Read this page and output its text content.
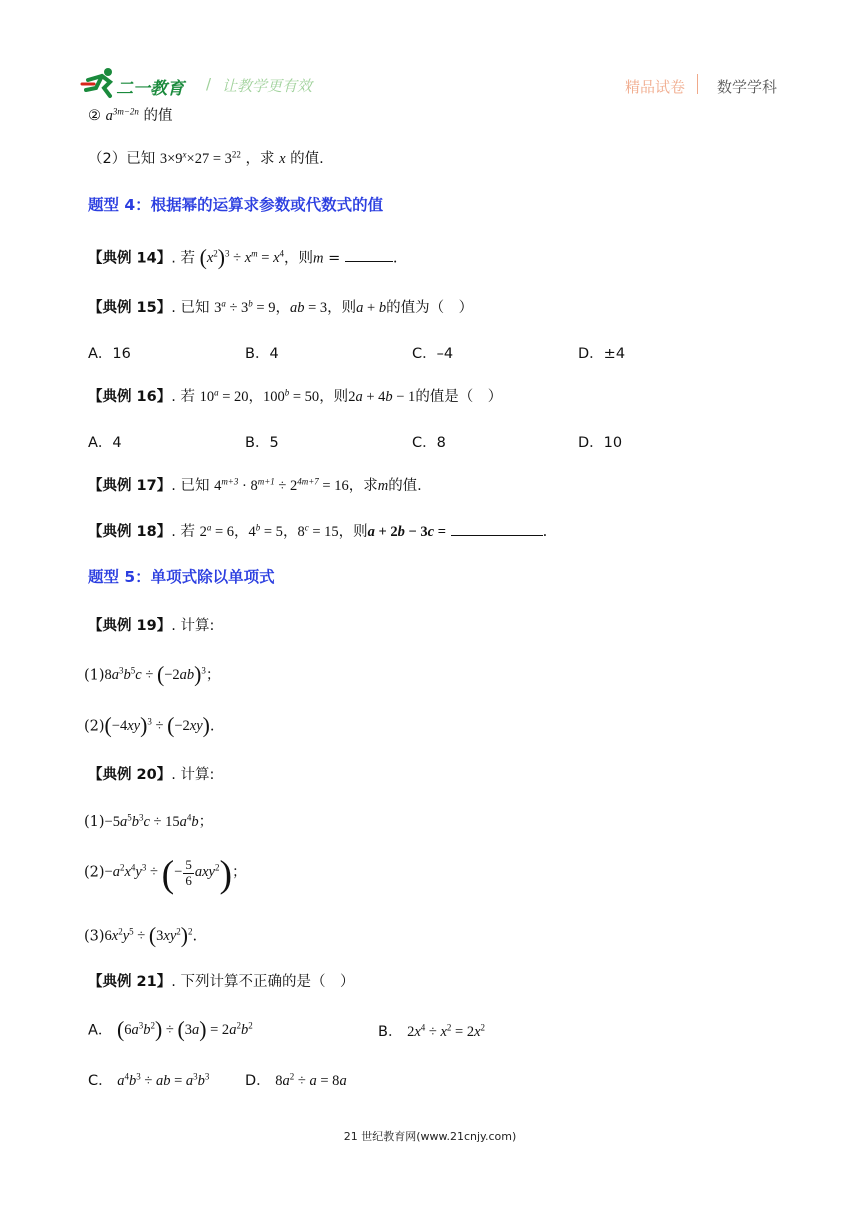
二一教育 / 让教学更有效	精品试卷 数学学科
② $a^{3m-2n}$ 的值
（2）已知 $3\times 9^x\times 27 = 3^{22}$ ，求 x 的值.
题型 4：根据幂的运算求参数或代数式的值
【典例 14】. 若 $(x^2)^3 \div x^m = x^4$，则m =	.
【典例 15】. 已知 $3^a \div 3^b = 9$，ab = 3，则a + b的值为（　）
A．16	B．4	C．–4	D．±4
【典例 16】. 若 $10^a = 20$，$100^b = 50$，则2a + 4b − 1的值是（　）
A．4	B．5	C．8	D．10
【典例 17】. 已知 $4^{m+3} \cdot 8^{m+1} \div 2^{4m+7} = 16$，求m的值.
【典例 18】. 若 $2^a = 6$，$4^b = 5$，$8^c = 15$，则a + 2b − 3c =	.
题型 5：单项式除以单项式
【典例 19】. 计算:
$(1)8a^3b^5c \div (-2ab)^3$；
$(2)(-4xy)^3 \div (-2xy)$.
【典例 20】. 计算:
$(1)-5a^5b^3c \div 15a^4b$；
$(2)-a^2x^4y^3$ ÷ (− $\frac{5}{6} axy^2$)；
$(3)6x^2y^5 \div (3xy^2)^2$.
【典例 21】. 下列计算不正确的是（　）
A． $(6a^3b^2) \div (3a) = 2a^2b^2$	B． $2x^4 \div x^2 = 2x^2$
C． $a^4b^3$ ÷ ab = $a^3b^3$ D． $8a^2 \div a = 8a$
21 世纪教育网(www.21cnjy.com)
